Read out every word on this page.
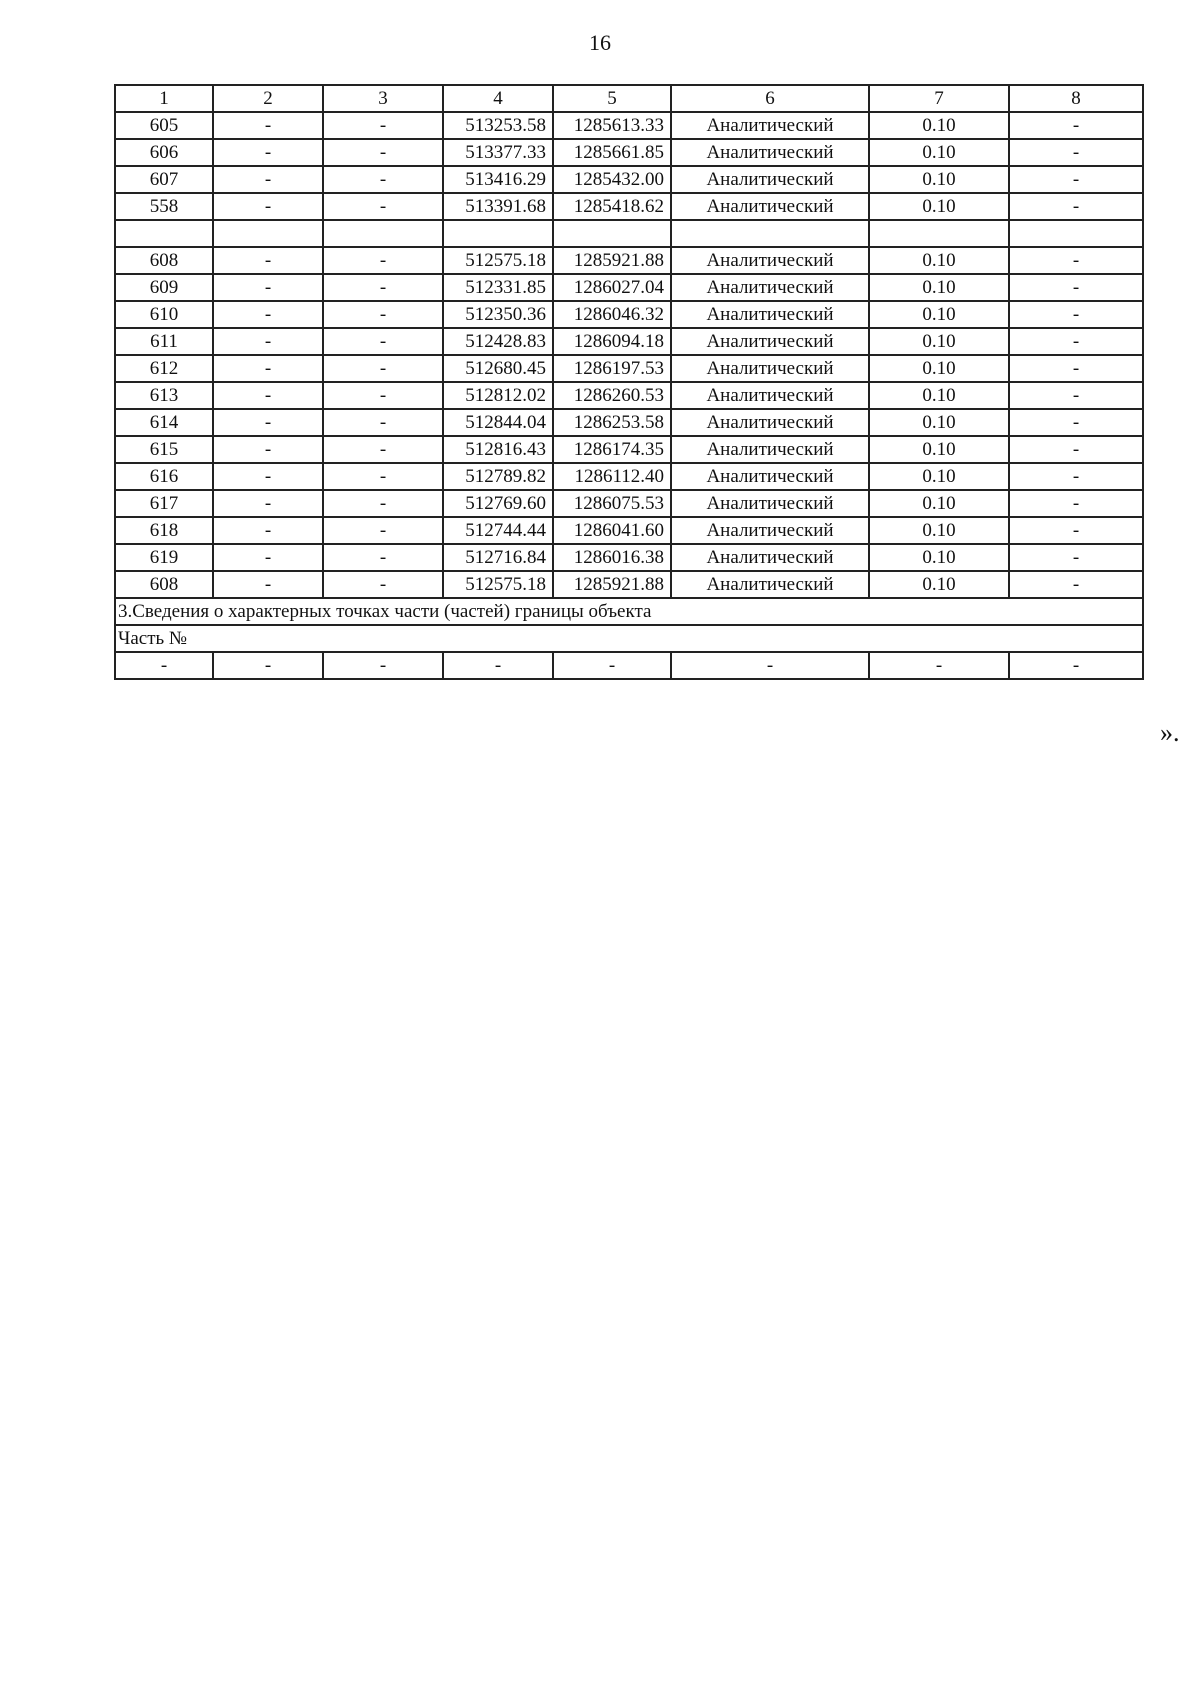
16
1	2	3	4	5	6	7	8
605	-	-	513253.58	1285613.33	Аналитический	0.10	-
606	-	-	513377.33	1285661.85	Аналитический	0.10	-
607	-	-	513416.29	1285432.00	Аналитический	0.10	-
558	-	-	513391.68	1285418.62	Аналитический	0.10	-

608	-	-	512575.18	1285921.88	Аналитический	0.10	-
609	-	-	512331.85	1286027.04	Аналитический	0.10	-
610	-	-	512350.36	1286046.32	Аналитический	0.10	-
611	-	-	512428.83	1286094.18	Аналитический	0.10	-
612	-	-	512680.45	1286197.53	Аналитический	0.10	-
613	-	-	512812.02	1286260.53	Аналитический	0.10	-
614	-	-	512844.04	1286253.58	Аналитический	0.10	-
615	-	-	512816.43	1286174.35	Аналитический	0.10	-
616	-	-	512789.82	1286112.40	Аналитический	0.10	-
617	-	-	512769.60	1286075.53	Аналитический	0.10	-
618	-	-	512744.44	1286041.60	Аналитический	0.10	-
619	-	-	512716.84	1286016.38	Аналитический	0.10	-
608	-	-	512575.18	1285921.88	Аналитический	0.10	-
3.Сведения о характерных точках части (частей) границы объекта							
Часть №							
-	-	-	-	-	-	-	-
».
